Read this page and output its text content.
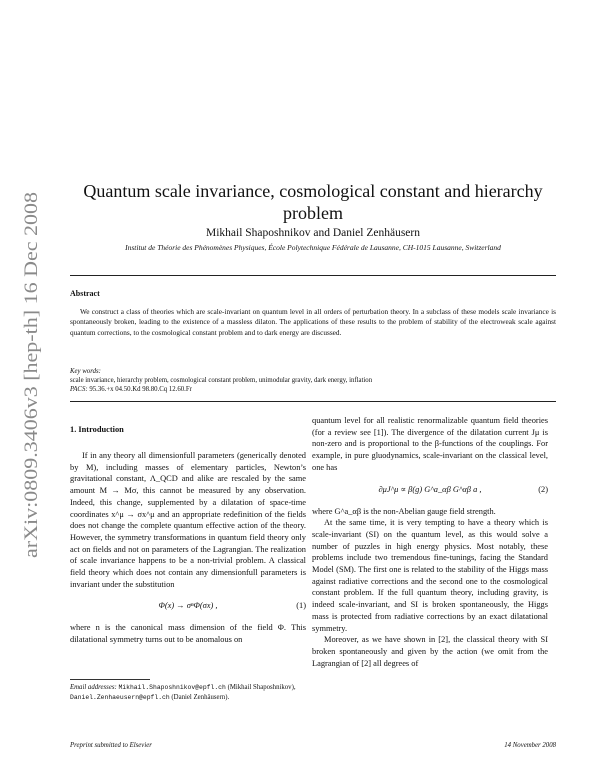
arXiv:0809.3406v3 [hep-th] 16 Dec 2008
Quantum scale invariance, cosmological constant and hierarchy
problem
Mikhail Shaposhnikov and Daniel Zenhäusern
Institut de Théorie des Phénomènes Physiques, École Polytechnique Fédérale de Lausanne, CH-1015 Lausanne, Switzerland
Abstract

We construct a class of theories which are scale-invariant on quantum level in all orders of perturbation theory. In a subclass of these models scale invariance is spontaneously broken, leading to the existence of a massless dilaton. The applications of these results to the problem of stability of the electroweak scale against quantum corrections, to the cosmological constant problem and to dark energy are discussed.

Key words:
scale invariance, hierarchy problem, cosmological constant problem, unimodular gravity, dark energy, inflation
PACS: 95.36.+x 04.50.Kd 98.80.Cq 12.60.Fr
1. Introduction

If in any theory all dimensionfull parameters (generically denoted by M), including masses of elementary particles, Newton’s gravitational constant, Λ_QCD and alike are rescaled by the same amount M → Mσ, this cannot be measured by any observation. Indeed, this change, supplemented by a dilatation of space-time coordinates x^μ → σx^μ and an appropriate redefinition of the fields does not change the complete quantum effective action of the theory. However, the symmetry transformations in quantum field theory only act on fields and not on parameters of the Lagrangian. The realization of scale invariance happens to be a non-trivial problem. A classical field theory which does not contain any dimensionfull parameters is invariant under the substitution

Φ(x) → σⁿΦ(σx) ,	(1)

where n is the canonical mass dimension of the field Φ. This dilatational symmetry turns out to be anomalous on

quantum level for all realistic renormalizable quantum field theories (for a review see [1]). The divergence of the dilatation current Jμ is non-zero and is proportional to the β-functions of the couplings. For example, in pure gluodynamics, scale-invariant on the classical level, one has

∂μJ^μ ∝ β(g) G^a_αβ G^αβ a ,	(2)

where G^a_αβ is the non-Abelian gauge field strength.

At the same time, it is very tempting to have a theory which is scale-invariant (SI) on the quantum level, as this would solve a number of puzzles in high energy physics. Most notably, these problems include two tremendous fine-tunings, facing the Standard Model (SM). The first one is related to the stability of the Higgs mass against radiative corrections and the second one to the cosmological constant problem. If the full quantum theory, including gravity, is indeed scale-invariant, and SI is broken spontaneously, the Higgs mass is protected from radiative corrections by an exact dilatational symmetry.

Moreover, as we have shown in [2], the classical theory with SI broken spontaneously and given by the action (we omit from the Lagrangian of [2] all degrees of

Email addresses: Mikhail.Shaposhnikov@epfl.ch (Mikhail Shaposhnikov), Daniel.Zenhaeusern@epfl.ch (Daniel Zenhäusern).
Preprint submitted to Elsevier	14 November 2008
